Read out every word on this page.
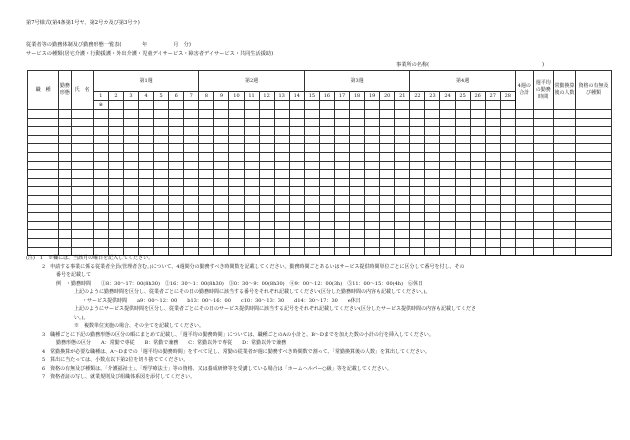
第7号様式(第4条第1号ヤ、第2号カ及び第3号ラ)
従業者等の勤務体制及び勤務形態一覧表(　　　　年　　　　　月　分)
サービスの種類(居宅介護・行動援護・外出介護・児童デイサービス・障害者デイサービス・共同生活援助)
事業所の名称(	)
職　種	勤務形態	氏　名	第1週							第2週							第3週							第4週							4週の合計	週平均の勤務時間	常勤換算後の人数	資格の有無及び種類
			1	2	3	4	5	6	7	8	9	10	11	12	13	14	15	16	17	18	19	20	21	22	23	24	25	26	27	28				
			※																															

(注)　1　※欄には、当該月の曜日を記入してください。
2　申請する事業に係る従業者全員(管理者含む。)について、4週間分の勤務すべき時間数を記載してください。勤務時間ごとあるいはサービス提供時間単位ごとに区分して番号を付し、その
番号を記載して
例　・勤務時間　　①8：30〜17：00(8h30)　②16：30〜1：00(8h30)　③0：30〜9：00(8h30)　④9：00〜12：00(3h)　⑤11：00〜15：00(4h)　⑥休日
上記のように勤務時間を区分し、従業者ごとにその日の勤務時間に該当する番号をそれぞれ記載してください(区分した勤務時間の内容も記載してください。)。
・サービス提供時間　　a9：00〜12：00　　b13：00〜16：00　　c10：30〜13：30　　d14：30〜17：30　　e休日
上記のようにサービス提供時間を区分し、従業者ごとにその日のサービス提供時間に該当する記号をそれぞれ記載してください(区分したサービス提供時間の内容も記載してくださ
い。)。
※　複数単位実施の場合、その全てを記載してください。
3　職種ごとに下記の勤務形態の区分の順にまとめて記載し、「週平均の勤務時間」については、職種ごとのAの小計と、B〜Dまでを加えた数の小計の行を挿入してください。
勤務形態の区分　　A：常勤で専従　　B：常勤で兼務　　C：常勤以外で専従　　D：常勤以外で兼務
4　常勤換算が必要な職種は、A〜Dまでの「週平均の勤務時間」をすべて足し、常勤の従業者が週に勤務すべき時間数で割って、「常勤換算後の人数」を算出してください。
5　算出に当たっては、小数点以下第2位を切り捨ててください。
6　資格の有無及び種類は、「介護福祉士」、「理学療法士」等の資格、又は養成研修等を受講している場合は「ホームヘルパー○級」等を記載してください。
7　資格者証の写し、就業規則及び組織体系図を添付してください。
